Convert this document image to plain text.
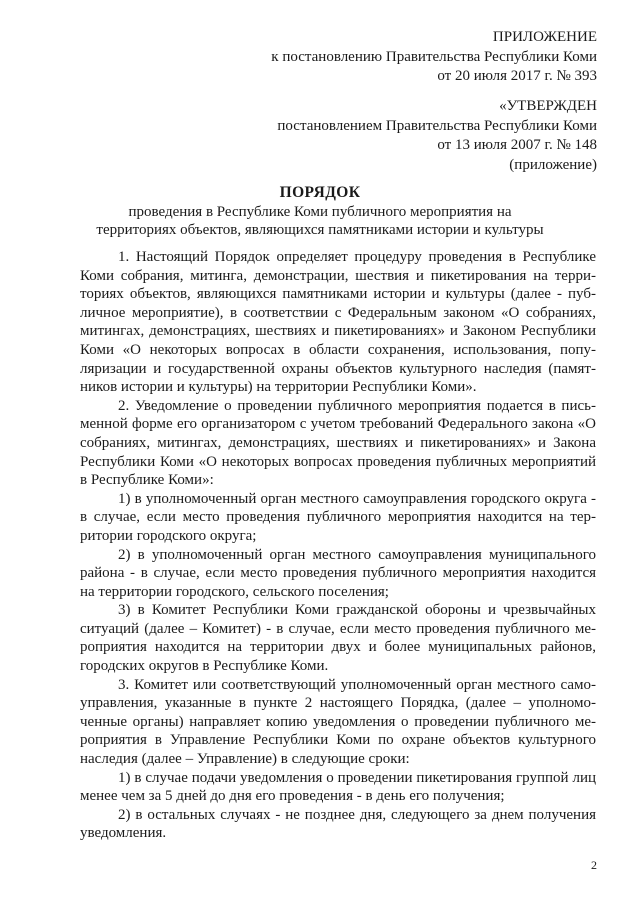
ПРИЛОЖЕНИЕ
к постановлению Правительства Республики Коми
от 20 июля 2017 г. № 393
«УТВЕРЖДЕН
постановлением Правительства Республики Коми
от 13 июля 2007 г. № 148
(приложение)
ПОРЯДОК
проведения в Республике Коми публичного мероприятия на территориях объектов, являющихся памятниками истории и культуры

1. Настоящий Порядок определяет процедуру проведения в Республике Коми собрания, митинга, демонстрации, шествия и пикетирования на территориях объектов, являющихся памятниками истории и культуры (далее - публичное мероприятие), в соответствии с Федеральным законом «О собраниях, митингах, демонстрациях, шествиях и пикетированиях» и Законом Республики Коми «О некоторых вопросах в области сохранения, использования, популяризации и государственной охраны объектов культурного наследия (памятников истории и культуры) на территории Республики Коми».

2. Уведомление о проведении публичного мероприятия подается в письменной форме его организатором с учетом требований Федерального закона «О собраниях, митингах, демонстрациях, шествиях и пикетированиях» и Закона Республики Коми «О некоторых вопросах проведения публичных мероприятий в Республике Коми»:

1) в уполномоченный орган местного самоуправления городского округа - в случае, если место проведения публичного мероприятия находится на территории городского округа;

2) в уполномоченный орган местного самоуправления муниципального района - в случае, если место проведения публичного мероприятия находится на территории городского, сельского поселения;

3) в Комитет Республики Коми гражданской обороны и чрезвычайных ситуаций (далее – Комитет) - в случае, если место проведения публичного мероприятия находится на территории двух и более муниципальных районов, городских округов в Республике Коми.

3. Комитет или соответствующий уполномоченный орган местного самоуправления, указанные в пункте 2 настоящего Порядка, (далее – уполномоченные органы) направляет копию уведомления о проведении публичного мероприятия в Управление Республики Коми по охране объектов культурного наследия (далее – Управление) в следующие сроки:

1) в случае подачи уведомления о проведении пикетирования группой лиц менее чем за 5 дней до дня его проведения - в день его получения;

2) в остальных случаях - не позднее дня, следующего за днем получения уведомления.

2
